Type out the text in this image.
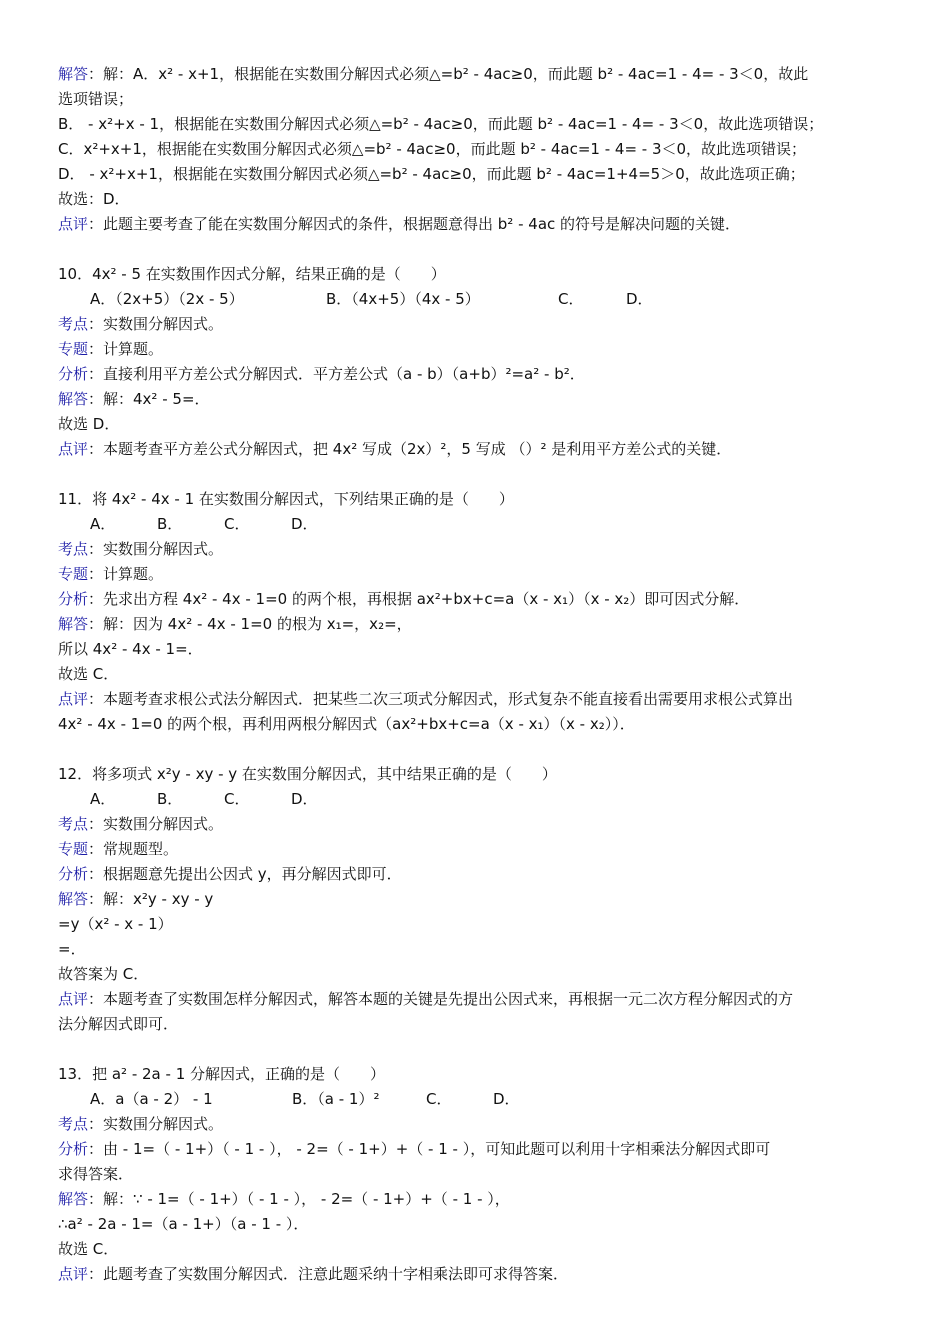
解答：解：A．x² - x+1，根据能在实数围分解因式必须△=b² - 4ac≥0，而此题 b² - 4ac=1 - 4= - 3＜0，故此
选项错误；
B． - x²+x - 1，根据能在实数围分解因式必须△=b² - 4ac≥0，而此题 b² - 4ac=1 - 4= - 3＜0，故此选项错误；
C．x²+x+1，根据能在实数围分解因式必须△=b² - 4ac≥0，而此题 b² - 4ac=1 - 4= - 3＜0，故此选项错误；
D． - x²+x+1，根据能在实数围分解因式必须△=b² - 4ac≥0，而此题 b² - 4ac=1+4=5＞0，故此选项正确；
故选：D．
点评：此题主要考查了能在实数围分解因式的条件，根据题意得出 b² - 4ac 的符号是解决问题的关键．
10．4x² - 5 在实数围作因式分解，结果正确的是（　　）
A．（2x+5）（2x - 5）	B．（4x+5）（4x - 5）	C．	D．
考点：实数围分解因式。
专题：计算题。
分析：直接利用平方差公式分解因式．平方差公式（a - b）（a+b）²=a² - b²．
解答：解：4x² - 5=．
故选 D．
点评：本题考查平方差公式分解因式，把 4x² 写成（2x）²，5 写成 （）² 是利用平方差公式的关键．
11．将 4x² - 4x - 1 在实数围分解因式，下列结果正确的是（　　）
A．	B．	C．	D．
考点：实数围分解因式。
专题：计算题。
分析：先求出方程 4x² - 4x - 1=0 的两个根，再根据 ax²+bx+c=a（x - x₁）（x - x₂）即可因式分解．
解答：解：因为 4x² - 4x - 1=0 的根为 x₁=，x₂=，
所以 4x² - 4x - 1=．
故选 C．
点评：本题考查求根公式法分解因式．把某些二次三项式分解因式，形式复杂不能直接看出需要用求根公式算出
4x² - 4x - 1=0 的两个根，再利用两根分解因式（ax²+bx+c=a（x - x₁）（x - x₂））．
12．将多项式 x²y - xy - y 在实数围分解因式，其中结果正确的是（　　）
A．	B．	C．	D．
考点：实数围分解因式。
专题：常规题型。
分析：根据题意先提出公因式 y，再分解因式即可．
解答：解：x²y - xy - y
=y（x² - x - 1）
=．
故答案为 C．
点评：本题考查了实数围怎样分解因式，解答本题的关键是先提出公因式来，再根据一元二次方程分解因式的方
法分解因式即可．
13．把 a² - 2a - 1 分解因式，正确的是（　　）
A．a（a - 2） - 1	B．（a - 1）²	C．	D．
考点：实数围分解因式。
分析：由 - 1=（ - 1+）（ - 1 - ）， - 2=（ - 1+）+（ - 1 - ），可知此题可以利用十字相乘法分解因式即可
求得答案．
解答：解：∵ - 1=（ - 1+）（ - 1 - ）， - 2=（ - 1+）+（ - 1 - ），
∴a² - 2a - 1=（a - 1+）（a - 1 - ）．
故选 C．
点评：此题考查了实数围分解因式．注意此题采纳十字相乘法即可求得答案．
